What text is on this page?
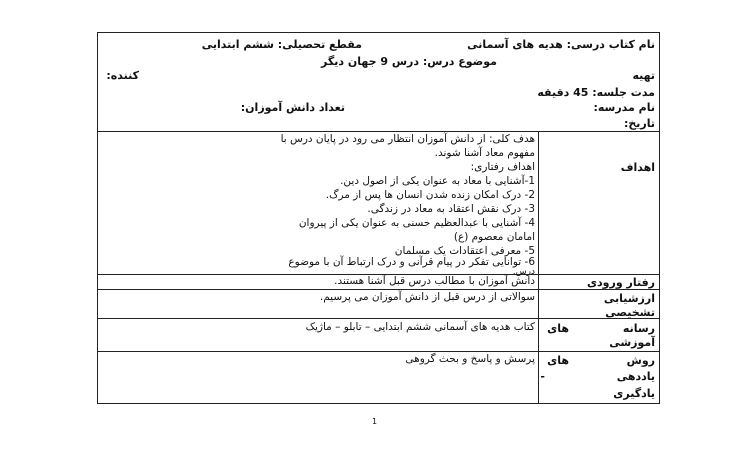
نام کتاب درسی: هدیه های آسمانی
مقطع تحصیلی: ششم ابتدایی
موضوع درس: درس 9 جهان دیگر
تهیه
کننده:
مدت جلسه: 45 دقیقه
نام مدرسه:
تعداد دانش آموزان:
تاریخ:
اهداف
هدف کلی: از دانش آموزان انتظار می رود در پایان درس با
مفهوم معاد آشنا شوند.
اهداف رفتاری:
1-آشنایی با معاد به عنوان یکی از اصول دین.
2- درک امکان زنده شدن انسان ها پس از مرگ.
3- درک نقش اعتقاد به معاد در زندگی.
4- آشنایی با عبدالعظیم حسنی به عنوان یکی از پیروان
امامان معصوم (ع)
5- معرفی اعتقادات یک مسلمان
6- توانایی تفکر در پیام قرآنی و درک ارتباط آن با موضوع
درس.
رفتار ورودی
دانش آموزان با مطالب درس قبل آشنا هستند.
ارزشیابی
تشخیصی
سوالاتی از درس قبل از دانش آموزان می پرسیم.
رسانه
های
آموزشی
کتاب هدیه های آسمانی ششم ابتدایی – تابلو – ماژیک
روش
های
یاددهی
-
یادگیری
پرسش و پاسخ و بحث گروهی
1
